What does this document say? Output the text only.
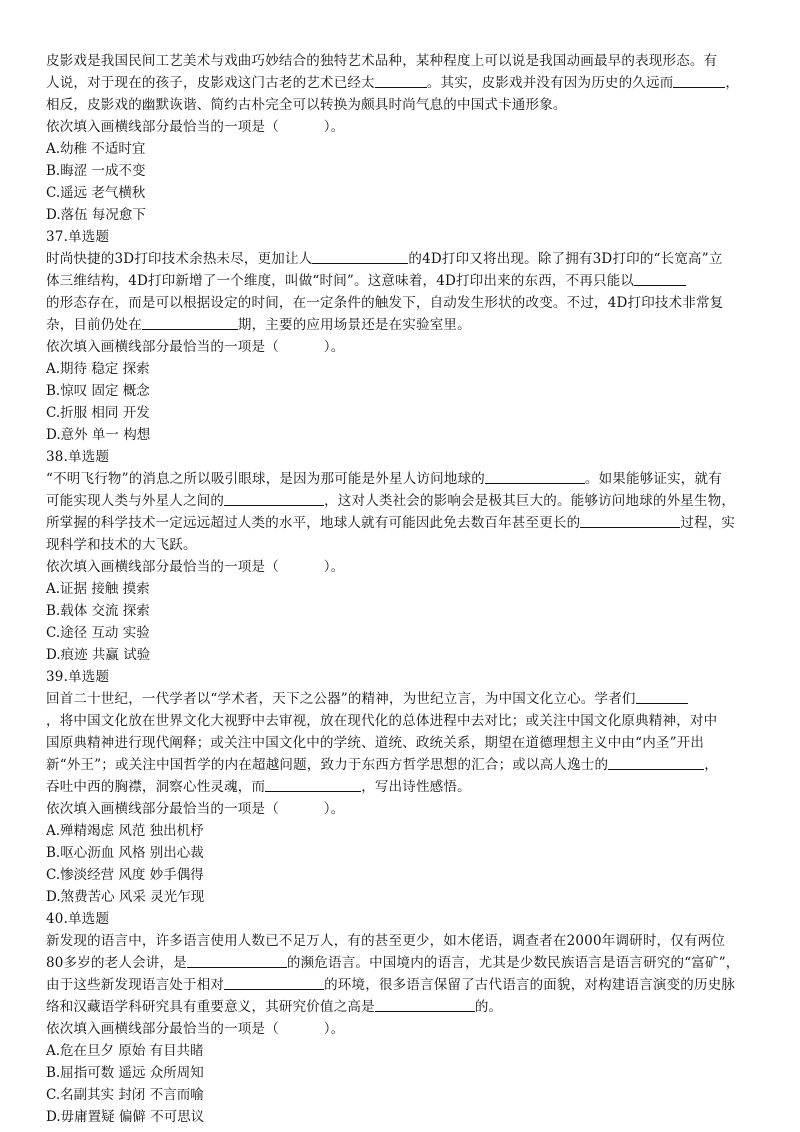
皮影戏是我国民间工艺美术与戏曲巧妙结合的独特艺术品种，某种程度上可以说是我国动画最早的表现形态。有
人说，对于现在的孩子，皮影戏这门古老的艺术已经太	。其实，皮影戏并没有因为历史的久远而	，
相反，皮影戏的幽默诙谐、简约古朴完全可以转换为颇具时尚气息的中国式卡通形象。
依次填入画横线部分最恰当的一项是（          ）。
A.幼稚 不适时宜
B.晦涩 一成不变
C.遥远 老气横秋
D.落伍 每况愈下
37.单选题
时尚快捷的3D打印技术余热未尽，更加让人	的4D打印又将出现。除了拥有3D打印的“长宽高”立
体三维结构，4D打印新增了一个维度，叫做“时间”。这意味着，4D打印出来的东西，不再只能以
的形态存在，而是可以根据设定的时间，在一定条件的触发下，自动发生形状的改变。不过，4D打印技术非常复
杂，目前仍处在	期，主要的应用场景还是在实验室里。
依次填入画横线部分最恰当的一项是（          ）。
A.期待 稳定 探索
B.惊叹 固定 概念
C.折服 相同 开发
D.意外 单一 构想
38.单选题
“不明飞行物”的消息之所以吸引眼球，是因为那可能是外星人访问地球的	。如果能够证实，就有
可能实现人类与外星人之间的	，这对人类社会的影响会是极其巨大的。能够访问地球的外星生物，
所掌握的科学技术一定远远超过人类的水平，地球人就有可能因此免去数百年甚至更长的	过程，实
现科学和技术的大飞跃。
依次填入画横线部分最恰当的一项是（          ）。
A.证据 接触 摸索
B.载体 交流 探索
C.途径 互动 实验
D.痕迹 共赢 试验
39.单选题
回首二十世纪，一代学者以“学术者，天下之公器”的精神，为世纪立言，为中国文化立心。学者们
，将中国文化放在世界文化大视野中去审视，放在现代化的总体进程中去对比；或关注中国文化原典精神，对中
国原典精神进行现代阐释；或关注中国文化中的学统、道统、政统关系，期望在道德理想主义中由“内圣”开出
新“外王”；或关注中国哲学的内在超越问题，致力于东西方哲学思想的汇合；或以高人逸士的	，
吞吐中西的胸襟，洞察心性灵魂，而	，写出诗性感悟。
依次填入画横线部分最恰当的一项是（          ）。
A.殚精竭虑 风范 独出机杼
B.呕心沥血 风格 别出心裁
C.惨淡经营 风度 妙手偶得
D.煞费苦心 风采 灵光乍现
40.单选题
新发现的语言中，许多语言使用人数已不足万人，有的甚至更少，如木佬语，调查者在2000年调研时，仅有两位
80多岁的老人会讲，是	的濒危语言。中国境内的语言，尤其是少数民族语言是语言研究的“富矿”，
由于这些新发现语言处于相对	的环境，很多语言保留了古代语言的面貌，对构建语言演变的历史脉
络和汉藏语学科研究具有重要意义，其研究价值之高是	的。
依次填入画横线部分最恰当的一项是（          ）。
A.危在旦夕 原始 有目共睹
B.屈指可数 遥远 众所周知
C.名副其实 封闭 不言而喻
D.毋庸置疑 偏僻 不可思议
